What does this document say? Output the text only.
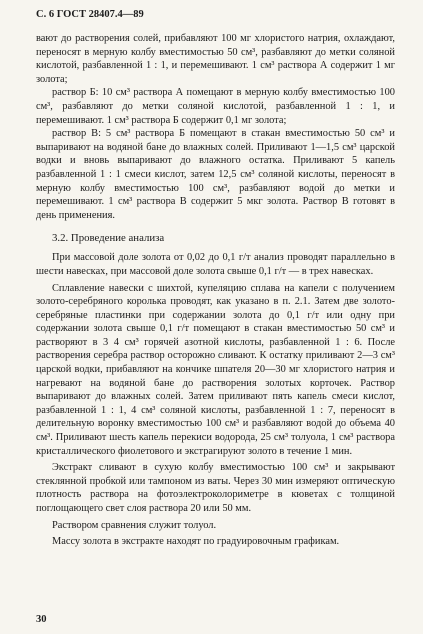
С. 6 ГОСТ 28407.4—89

вают до растворения солей, прибавляют 100 мг хлористого натрия, охлаждают, переносят в мерную колбу вместимостью 50 см³, разбавляют до метки соляной кислотой, разбавленной 1 : 1, и перемешивают. 1 см³ раствора А содержит 1 мг золота;

раствор Б: 10 см³ раствора А помещают в мерную колбу вместимостью 100 см³, разбавляют до метки соляной кислотой, разбавленной 1 : 1, и перемешивают. 1 см³ раствора Б содержит 0,1 мг золота;

раствор В: 5 см³ раствора Б помещают в стакан вместимостью 50 см³ и выпаривают на водяной бане до влажных солей. Приливают 1—1,5 см³ царской водки и вновь выпаривают до влажного остатка. Приливают 5 капель разбавленной 1 : 1 смеси кислот, затем 12,5 см³ соляной кислоты, переносят в мерную колбу вместимостью 100 см³, разбавляют водой до метки и перемешивают. 1 см³ раствора В содержит 5 мкг золота. Раствор В готовят в день применения.

3.2. Проведение анализа

При массовой доле золота от 0,02 до 0,1 г/т анализ проводят параллельно в шести навесках, при массовой доле золота свыше 0,1 г/т — в трех навесках.

Сплавление навески с шихтой, купеляцию сплава на капели с получением золото-серебряного королька проводят, как указано в п. 2.1. Затем две золото-серебряные пластинки при содержании золота до 0,1 г/т или одну при содержании золота свыше 0,1 г/т помещают в стакан вместимостью 50 см³ и растворяют в 3 4 см³ горячей азотной кислоты, разбавленной 1 : 6. После растворения серебра раствор осторожно сливают. К остатку приливают 2—3 см³ царской водки, прибавляют на кончике шпателя 20—30 мг хлористого натрия и нагревают на водяной бане до растворения золотых корточек. Раствор выпаривают до влажных солей. Затем приливают пять капель смеси кислот, разбавленной 1 : 1, 4 см³ соляной кислоты, разбавленной 1 : 7, переносят в делительную воронку вместимостью 100 см³ и разбавляют водой до объема 40 см³. Приливают шесть капель перекиси водорода, 25 см³ толуола, 1 см³ раствора кристаллического фиолетового и экстрагируют золото в течение 1 мин.

Экстракт сливают в сухую колбу вместимостью 100 см³ и закрывают стеклянной пробкой или тампоном из ваты. Через 30 мин измеряют оптическую плотность раствора на фотоэлектроколориметре в кюветах с толщиной поглощающего свет слоя раствора 20 или 50 мм.

Раствором сравнения служит толуол.

Массу золота в экстракте находят по градуировочным графикам.

30
